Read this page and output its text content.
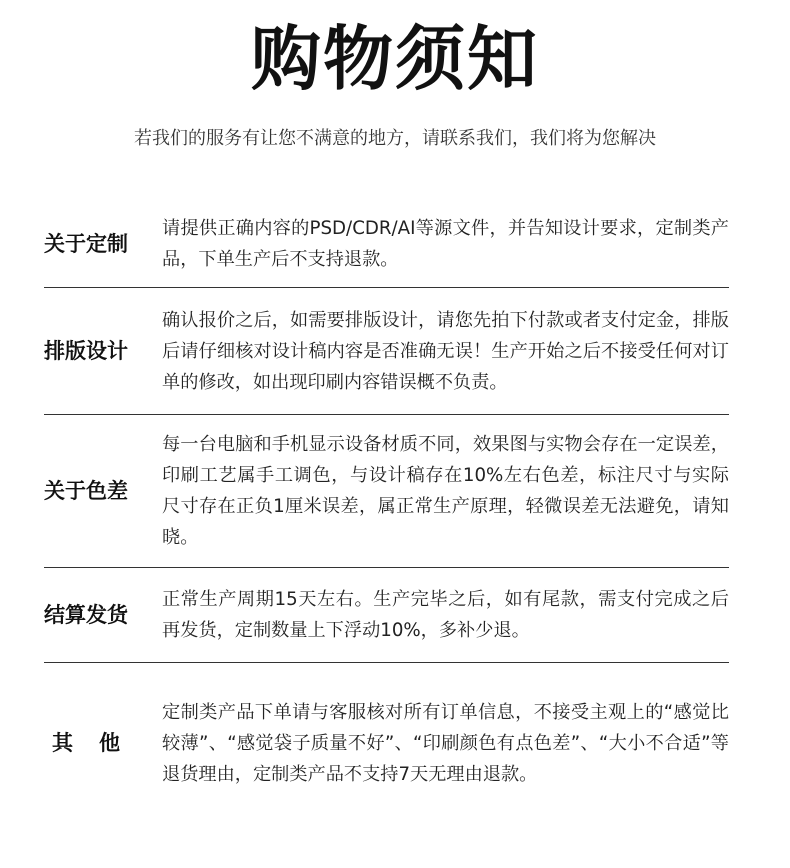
购物须知
若我们的服务有让您不满意的地方，请联系我们，我们将为您解决
关于定制
请提供正确内容的PSD/CDR/AI等源文件，并告知设计要求，定制类产品，下单生产后不支持退款。
排版设计
确认报价之后，如需要排版设计，请您先拍下付款或者支付定金，排版后请仔细核对设计稿内容是否准确无误！生产开始之后不接受任何对订单的修改，如出现印刷内容错误概不负责。
关于色差
每一台电脑和手机显示设备材质不同，效果图与实物会存在一定误差，印刷工艺属手工调色，与设计稿存在10%左右色差，标注尺寸与实际尺寸存在正负1厘米误差，属正常生产原理，轻微误差无法避免，请知晓。
结算发货
正常生产周期15天左右。生产完毕之后，如有尾款，需支付完成之后再发货，定制数量上下浮动10%，多补少退。
其他
定制类产品下单请与客服核对所有订单信息，不接受主观上的“感觉比较薄”、“感觉袋子质量不好”、“印刷颜色有点色差”、“大小不合适”等退货理由，定制类产品不支持7天无理由退款。
